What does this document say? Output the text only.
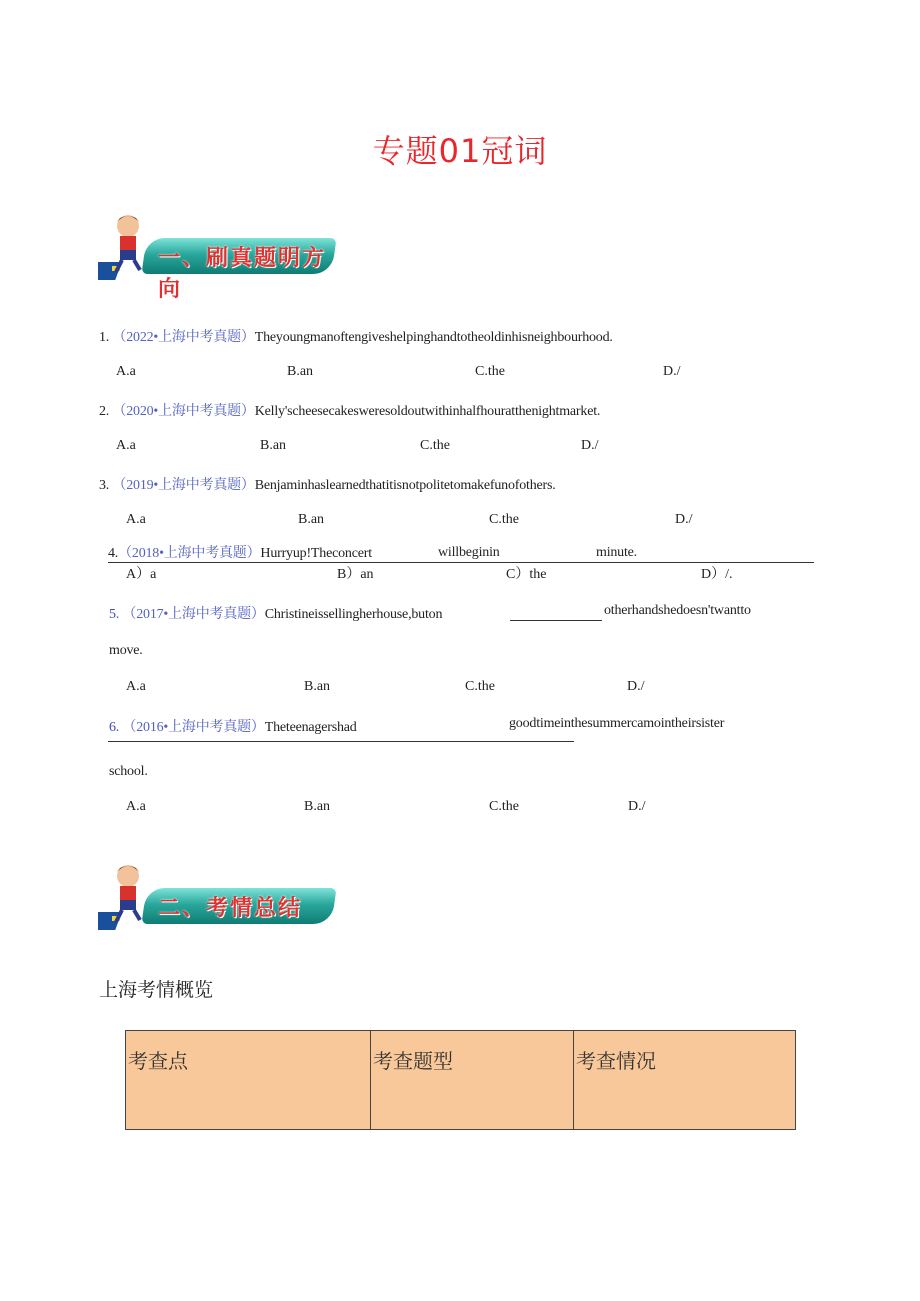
专题01冠词
一、刷真题明方向
1. （2022•上海中考真题）Theyoungmanoftengiveshelpinghandtotheoldinhisneighbourhood.
A.a	B.an	C.the	D./
2. （2020•上海中考真题）Kelly'scheesecakesweresoldoutwithinhalfhouratthenightmarket.
A.a	B.an	C.the	D./
3. （2019•上海中考真题）Benjaminhaslearnedthatitisnotpolitetomakefunofothers.
A.a	B.an	C.the	D./
4.（2018•上海中考真题）Hurryup!Theconcert	willbeginin	minute.
A）a	B）an	C）the	D）/.
5. （2017•上海中考真题）Christineissellingherhouse,buton	otherhandshedoesn'twantto
move.
A.a	B.an	C.the	D./
6. （2016•上海中考真题）Theteenagershad	goodtimeinthesummercamointheirsister
school.
A.a	B.an	C.the	D./
二、考情总结
上海考情概览
考查点	考查题型	考查情况
